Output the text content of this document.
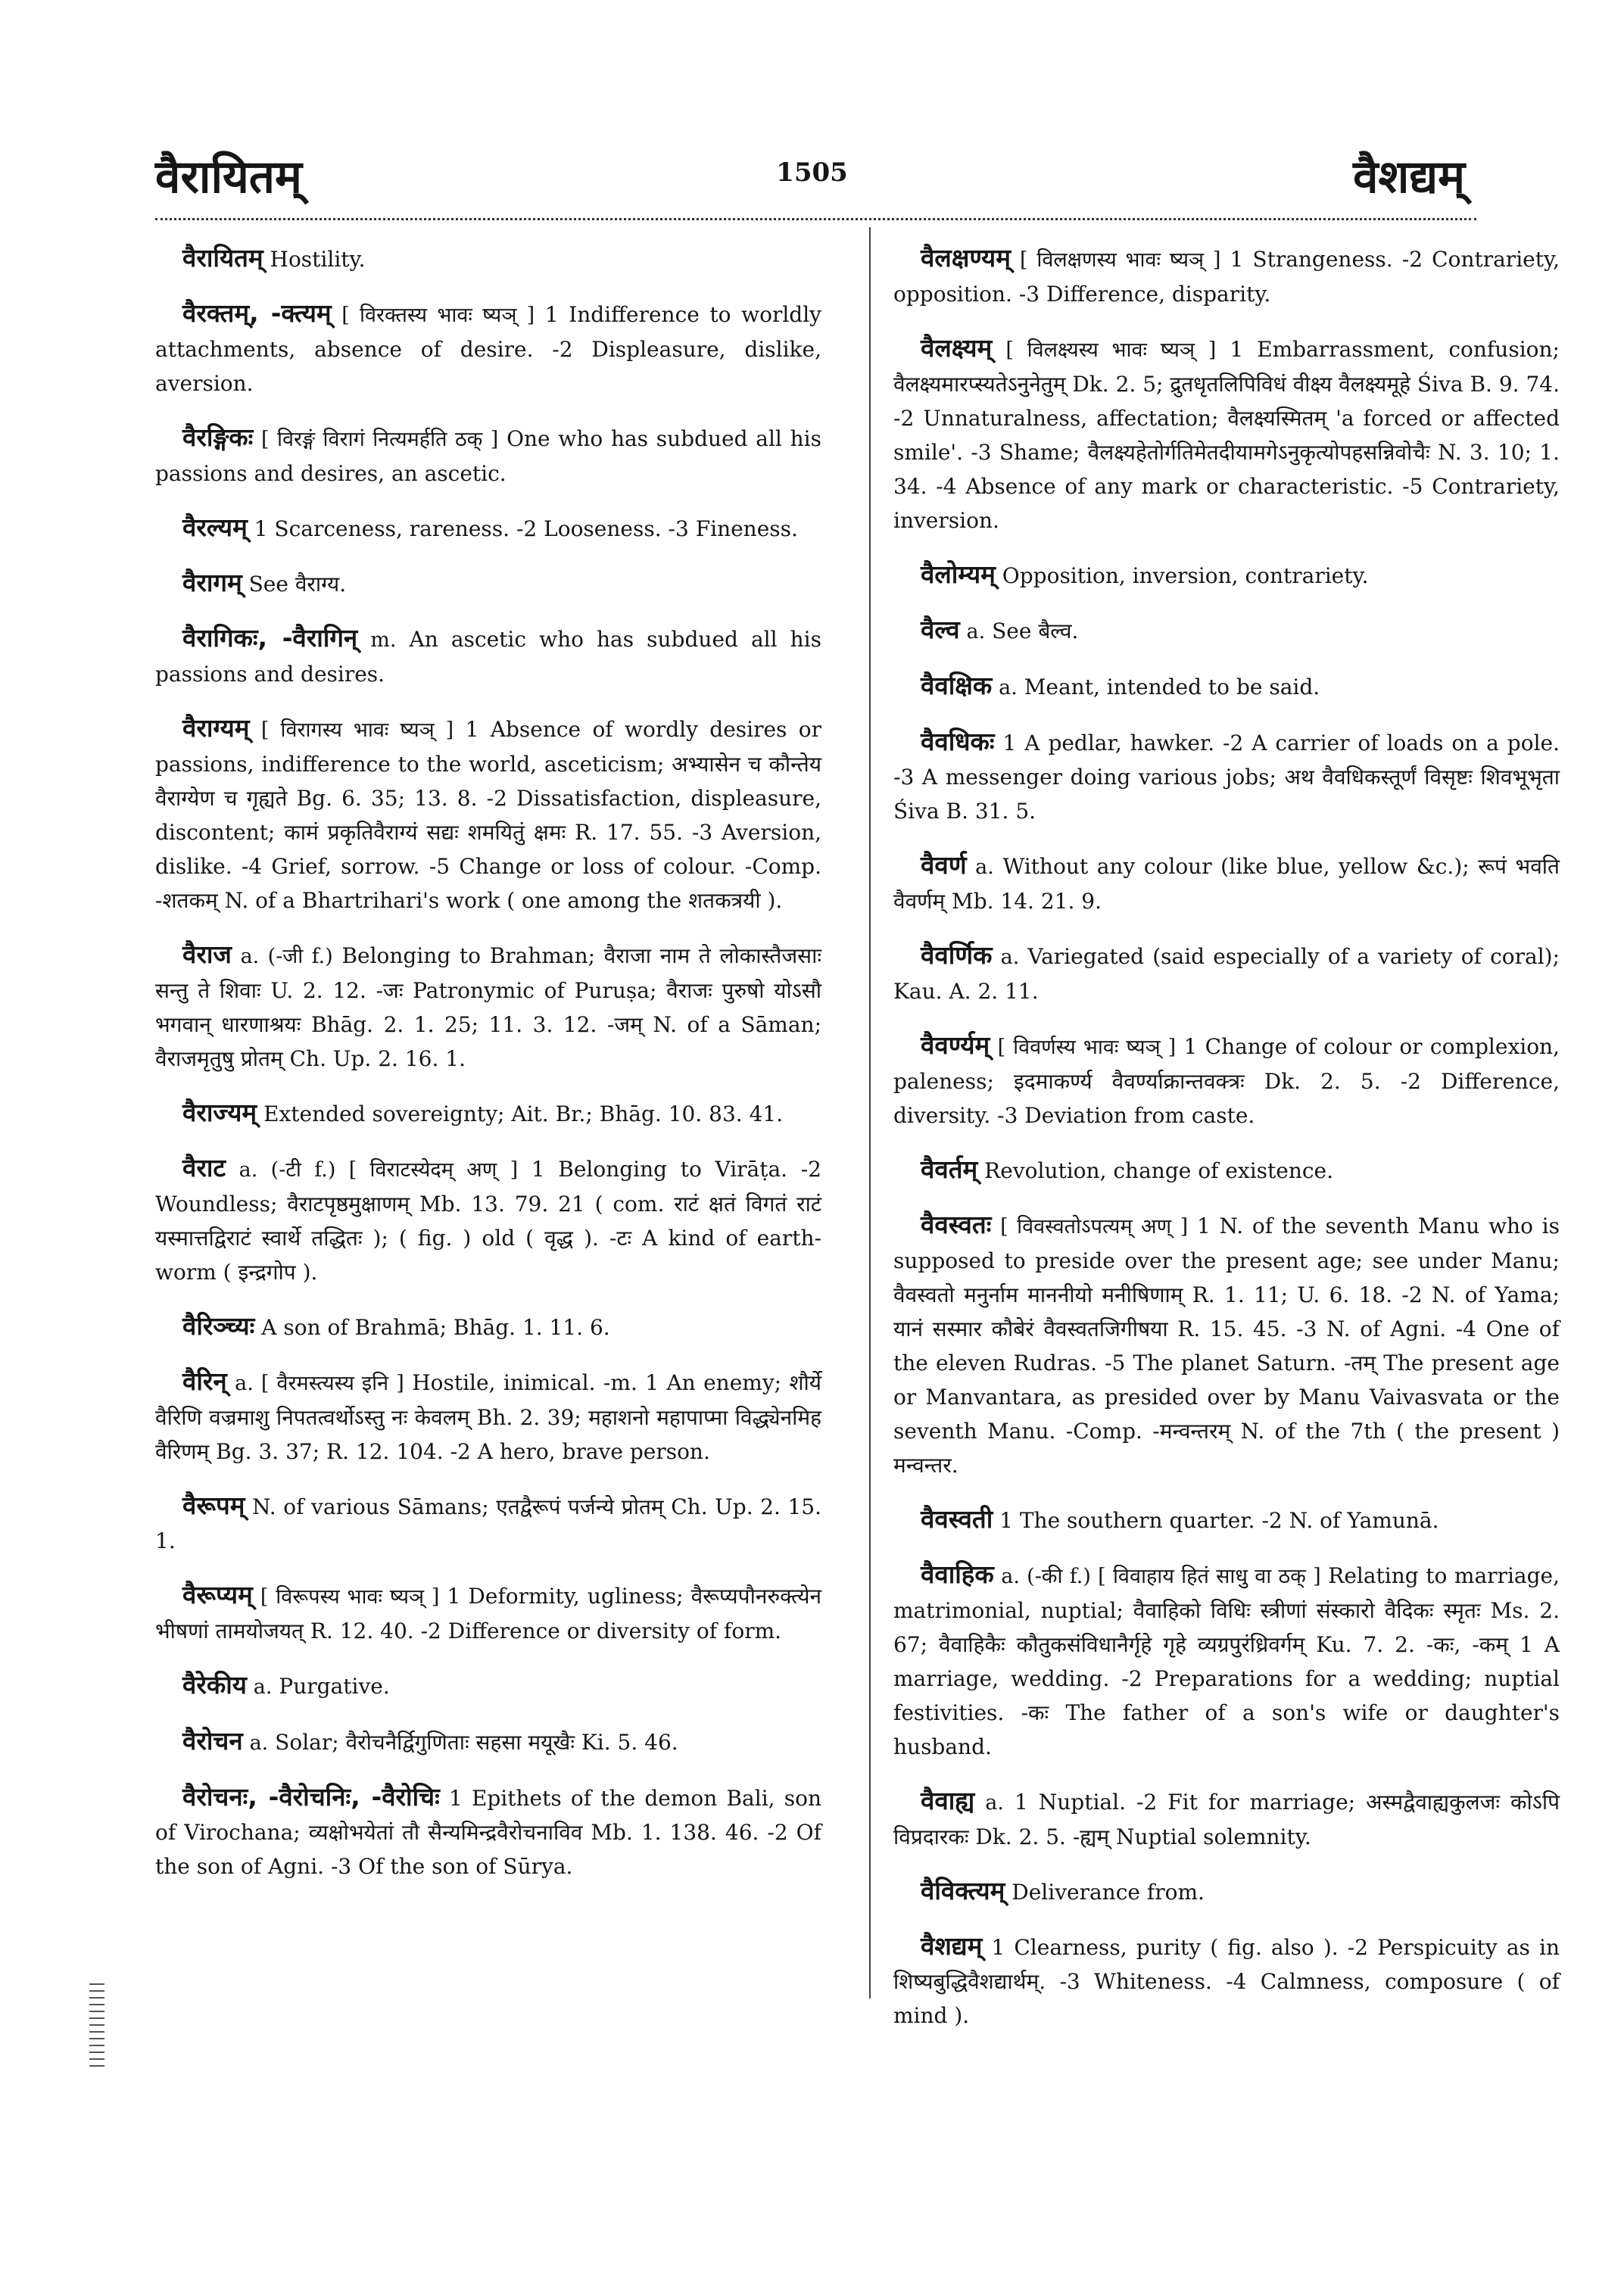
वैरायितम्	1505	वैशद्यम्

वैरायितम् Hostility.

वैरक्तम्, -क्त्यम् [ विरक्तस्य भावः ष्यञ् ] 1 Indifference to worldly attachments, absence of desire. -2 Displeasure, dislike, aversion.

वैरङ्गिकः [ विरङ्गं विरागं नित्यमर्हति ठक् ] One who has subdued all his passions and desires, an ascetic.

वैरल्यम् 1 Scarceness, rareness. -2 Looseness. -3 Fineness.

वैरागम् See वैराग्य.

वैरागिकः, -वैरागिन् m. An ascetic who has subdued all his passions and desires.

वैराग्यम् [ विरागस्य भावः ष्यञ् ] 1 Absence of wordly desires or passions, indifference to the world, asceticism; अभ्यासेन च कौन्तेय वैराग्येण च गृह्यते Bg. 6. 35; 13. 8. -2 Dissatisfaction, displeasure, discontent; कामं प्रकृतिवैराग्यं सद्यः शमयितुं क्षमः R. 17. 55. -3 Aversion, dislike. -4 Grief, sorrow. -5 Change or loss of colour. -Comp. -शतकम् N. of a Bhartrihari's work ( one among the शतकत्रयी ).

वैराज a. (-जी f.) Belonging to Brahman; वैराजा नाम ते लोकास्तैजसाः सन्तु ते शिवाः U. 2. 12. -जः Patronymic of Puruṣa; वैराजः पुरुषो योऽसौ भगवान् धारणाश्रयः Bhāg. 2. 1. 25; 11. 3. 12. -जम् N. of a Sāman; वैराजमृतुषु प्रोतम् Ch. Up. 2. 16. 1.

वैराज्यम् Extended sovereignty; Ait. Br.; Bhāg. 10. 83. 41.

वैराट a. (-टी f.) [ विराटस्येदम् अण् ] 1 Belonging to Virāṭa. -2 Woundless; वैराटपृष्ठमुक्षाणम् Mb. 13. 79. 21 ( com. राटं क्षतं विगतं राटं यस्मात्तद्विराटं स्वार्थे तद्धितः ); ( fig. ) old ( वृद्ध ). -टः A kind of earth-worm ( इन्द्रगोप ).

वैरिञ्च्यः A son of Brahmā; Bhāg. 1. 11. 6.

वैरिन् a. [ वैरमस्त्यस्य इनि ] Hostile, inimical. -m. 1 An enemy; शौर्ये वैरिणि वज्रमाशु निपतत्वर्थोऽस्तु नः केवलम् Bh. 2. 39; महाशनो महापाप्मा विद्ध्येनमिह वैरिणम् Bg. 3. 37; R. 12. 104. -2 A hero, brave person.

वैरूपम् N. of various Sāmans; एतद्वैरूपं पर्जन्ये प्रोतम् Ch. Up. 2. 15. 1.

वैरूप्यम् [ विरूपस्य भावः ष्यञ् ] 1 Deformity, ugliness; वैरूप्यपौनरुक्त्येन भीषणां तामयोजयत् R. 12. 40. -2 Difference or diversity of form.

वैरेकीय a. Purgative.

वैरोचन a. Solar; वैरोचनैर्द्विगुणिताः सहसा मयूखैः Ki. 5. 46.

वैरोचनः, -वैरोचनिः, -वैरोचिः 1 Epithets of the demon Bali, son of Virochana; व्यक्षोभयेतां तौ सैन्यमिन्द्रवैरोचनाविव Mb. 1. 138. 46. -2 Of the son of Agni. -3 Of the son of Sūrya.

वैलक्षण्यम् [ विलक्षणस्य भावः ष्यञ् ] 1 Strangeness. -2 Contrariety, opposition. -3 Difference, disparity.

वैलक्ष्यम् [ विलक्ष्यस्य भावः ष्यञ् ] 1 Embarrassment, confusion; वैलक्ष्यमारप्स्यतेऽनुनेतुम् Dk. 2. 5; द्रुतधृतलिपिविधं वीक्ष्य वैलक्ष्यमूहे Śiva B. 9. 74. -2 Unnaturalness, affectation; वैलक्ष्यस्मितम् 'a forced or affected smile'. -3 Shame; वैलक्ष्यहेतोर्गतिमेतदीयामगेऽनुकृत्योपहसन्निवोचैः N. 3. 10; 1. 34. -4 Absence of any mark or characteristic. -5 Contrariety, inversion.

वैलोम्यम् Opposition, inversion, contrariety.

वैल्व a. See बैल्व.

वैवक्षिक a. Meant, intended to be said.

वैवधिकः 1 A pedlar, hawker. -2 A carrier of loads on a pole. -3 A messenger doing various jobs; अथ वैवधिकस्तूर्णं विसृष्टः शिवभूभृता Śiva B. 31. 5.

वैवर्ण a. Without any colour (like blue, yellow &c.); रूपं भवति वैवर्णम् Mb. 14. 21. 9.

वैवर्णिक a. Variegated (said especially of a variety of coral); Kau. A. 2. 11.

वैवर्ण्यम् [ विवर्णस्य भावः ष्यञ् ] 1 Change of colour or complexion, paleness; इदमाकर्ण्य वैवर्ण्याक्रान्तवक्त्रः Dk. 2. 5. -2 Difference, diversity. -3 Deviation from caste.

वैवर्तम् Revolution, change of existence.

वैवस्वतः [ विवस्वतोऽपत्यम् अण् ] 1 N. of the seventh Manu who is supposed to preside over the present age; see under Manu; वैवस्वतो मनुर्नाम माननीयो मनीषिणाम् R. 1. 11; U. 6. 18. -2 N. of Yama; यानं सस्मार कौबेरं वैवस्वतजिगीषया R. 15. 45. -3 N. of Agni. -4 One of the eleven Rudras. -5 The planet Saturn. -तम् The present age or Manvantara, as presided over by Manu Vaivasvata or the seventh Manu. -Comp. -मन्वन्तरम् N. of the 7th ( the present ) मन्वन्तर.

वैवस्वती 1 The southern quarter. -2 N. of Yamunā.

वैवाहिक a. (-की f.) [ विवाहाय हितं साधु वा ठक् ] Relating to marriage, matrimonial, nuptial; वैवाहिको विधिः स्त्रीणां संस्कारो वैदिकः स्मृतः Ms. 2. 67; वैवाहिकैः कौतुकसंविधानैर्गृहे गृहे व्यग्रपुरंध्रिवर्गम् Ku. 7. 2. -कः, -कम् 1 A marriage, wedding. -2 Preparations for a wedding; nuptial festivities. -कः The father of a son's wife or daughter's husband.

वैवाह्य a. 1 Nuptial. -2 Fit for marriage; अस्मद्वैवाह्यकुलजः कोऽपि विप्रदारकः Dk. 2. 5. -ह्यम् Nuptial solemnity.

वैविक्त्यम् Deliverance from.

वैशद्यम् 1 Clearness, purity ( fig. also ). -2 Perspicuity as in शिष्यबुद्धिवैशद्यार्थम्. -3 Whiteness. -4 Calmness, composure ( of mind ).
